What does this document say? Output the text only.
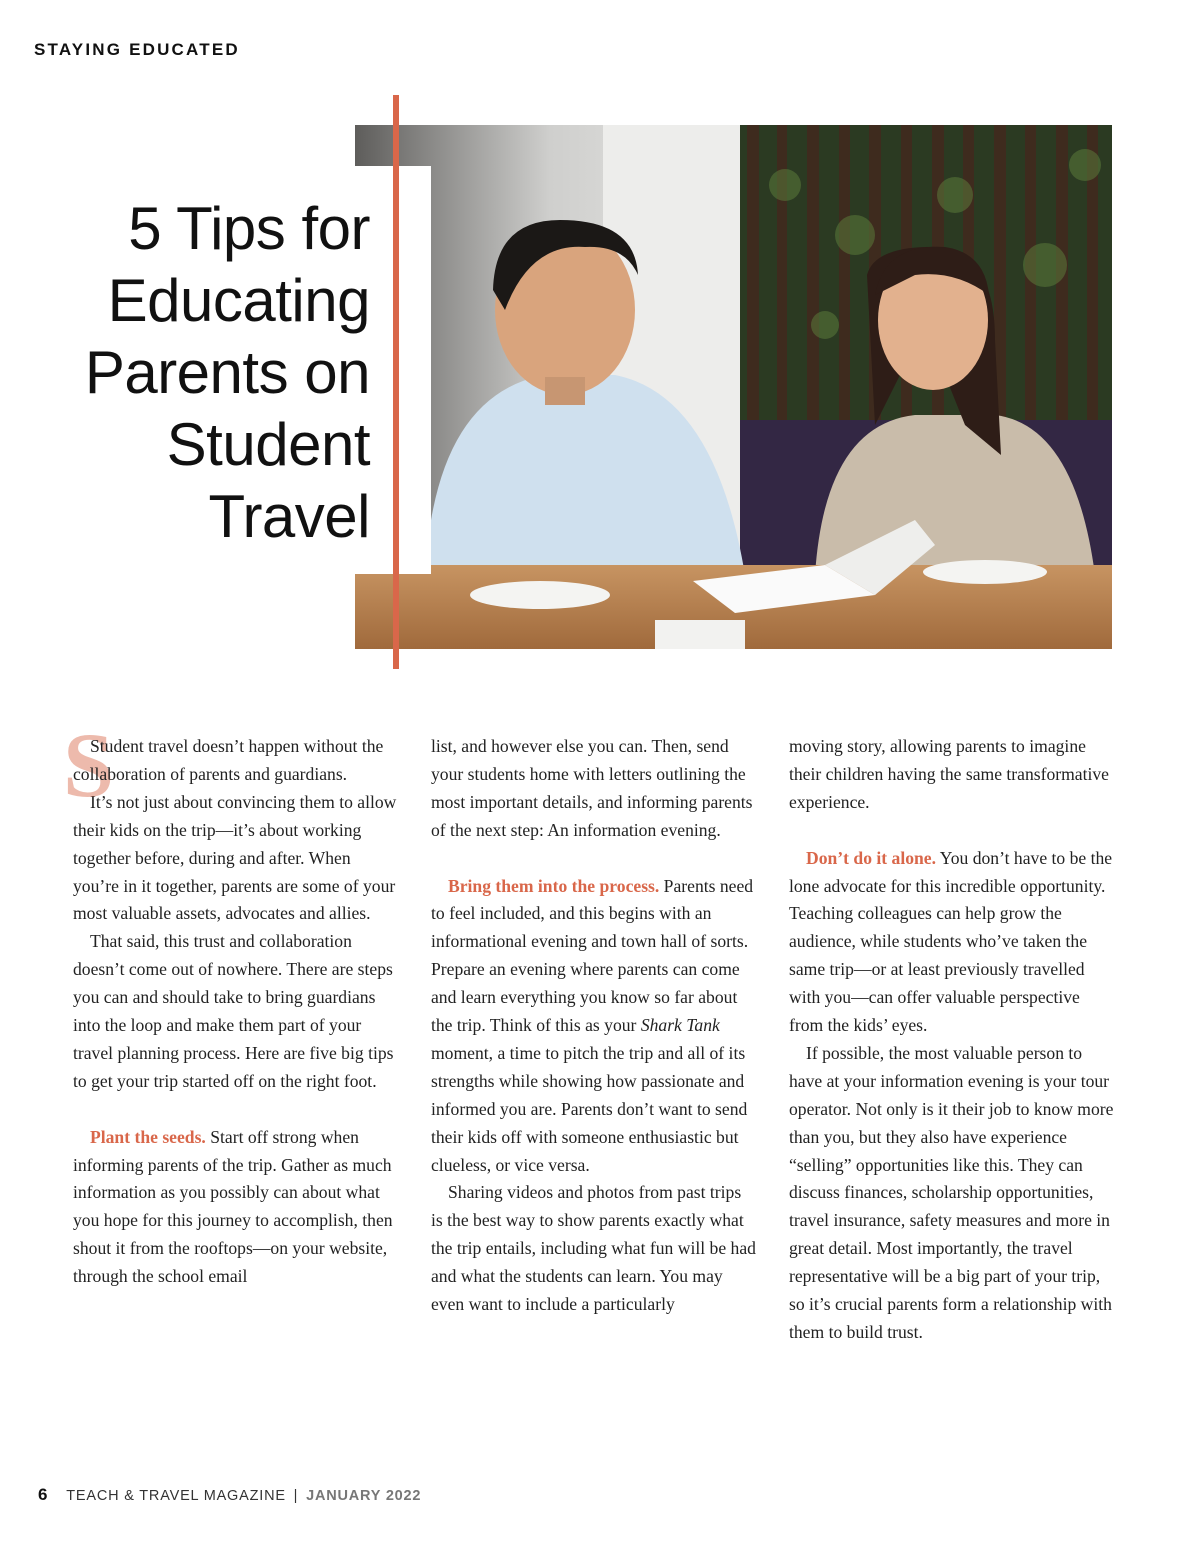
STAYING EDUCATED
5 Tips for
Educating
Parents on
Student
Travel
S

Student travel doesn’t happen without the collaboration of parents and guardians.

It’s not just about convincing them to allow their kids on the trip—it’s about working together before, during and after. When you’re in it together, parents are some of your most valuable assets, advocates and allies.

That said, this trust and collaboration doesn’t come out of nowhere. There are steps you can and should take to bring guardians into the loop and make them part of your travel planning process. Here are five big tips to get your trip started off on the right foot.

Plant the seeds. Start off strong when informing parents of the trip. Gather as much information as you possibly can about what you hope for this journey to accomplish, then shout it from the rooftops—on your website, through the school email

list, and however else you can. Then, send your students home with letters outlining the most important details, and informing parents of the next step: An information evening.

Bring them into the process. Parents need to feel included, and this begins with an informational evening and town hall of sorts. Prepare an evening where parents can come and learn everything you know so far about the trip. Think of this as your Shark Tank moment, a time to pitch the trip and all of its strengths while showing how passionate and informed you are. Parents don’t want to send their kids off with someone enthusiastic but clueless, or vice versa.

Sharing videos and photos from past trips is the best way to show parents exactly what the trip entails, including what fun will be had and what the students can learn. You may even want to include a particularly

moving story, allowing parents to imagine their children having the same transformative experience.

Don’t do it alone. You don’t have to be the lone advocate for this incredible opportunity. Teaching colleagues can help grow the audience, while students who’ve taken the same trip—or at least previously travelled with you—can offer valuable perspective from the kids’ eyes.

If possible, the most valuable person to have at your information evening is your tour operator. Not only is it their job to know more than you, but they also have experience “selling” opportunities like this. They can discuss finances, scholarship opportunities, travel insurance, safety measures and more in great detail. Most importantly, the travel representative will be a big part of your trip, so it’s crucial parents form a relationship with them to build trust.

6 TEACH & TRAVEL MAGAZINE | JANUARY 2022
